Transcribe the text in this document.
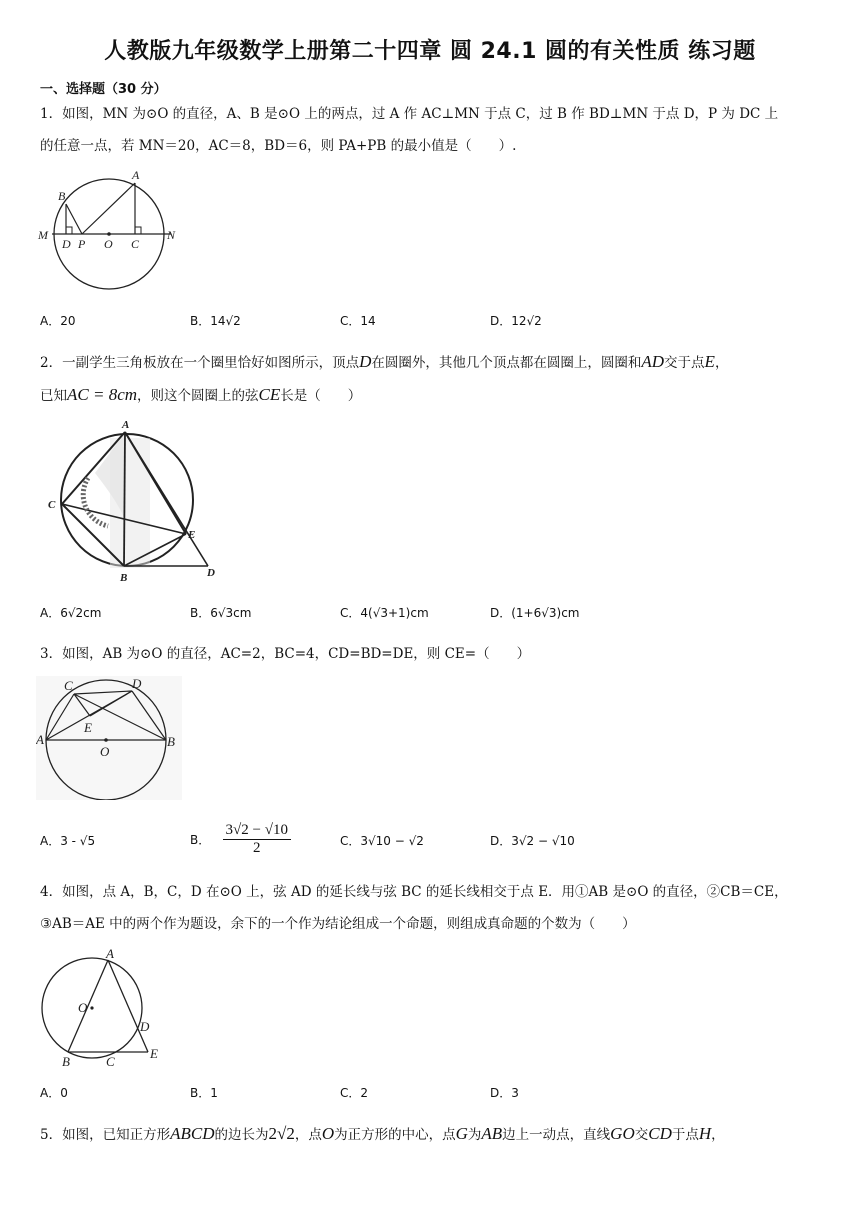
人教版九年级数学上册第二十四章 圆 24.1 圆的有关性质 练习题
一、选择题（30 分）
1．如图，MN 为⊙O 的直径，A、B 是⊙O 上的两点，过 A 作 AC⊥MN 于点 C，过 B 作 BD⊥MN 于点 D，P 为 DC 上
的任意一点，若 MN＝20，AC＝8，BD＝6，则 PA+PB 的最小值是（　　）.
B
A
M
D P O C
N
A．20	B．14√2	C．14	D．12√2
2．一副学生三角板放在一个圈里恰好如图所示，顶点D在圆圈外，其他几个顶点都在圆圈上，圆圈和AD交于点E，
已知AC = 8cm，则这个圆圈上的弦CE长是（　　）
A
C
E
B	D
A．6√2cm	B．6√3cm	C．4(√3+1)cm	D．(1+6√3)cm
3．如图，AB 为⊙O 的直径，AC=2，BC=4，CD=BD=DE，则 CE=（　　）
C	D
E
A
O
B
A．3 - √5	B． $\frac{3√2 - √10}{2}$	C．3√10 − √2	D．3√2 − √10
4．如图，点 A，B，C，D 在⊙O 上，弦 AD 的延长线与弦 BC 的延长线相交于点 E．用①AB 是⊙O 的直径，②CB＝CE，
③AB＝AE 中的两个作为题设，余下的一个作为结论组成一个命题，则组成真命题的个数为（　　）
A
O
D
B	C
E
A．0	B．1	C．2	D．3
5．如图，已知正方形ABCD的边长为2√2，点O为正方形的中心，点G为AB边上一动点，直线GO交CD于点H，
